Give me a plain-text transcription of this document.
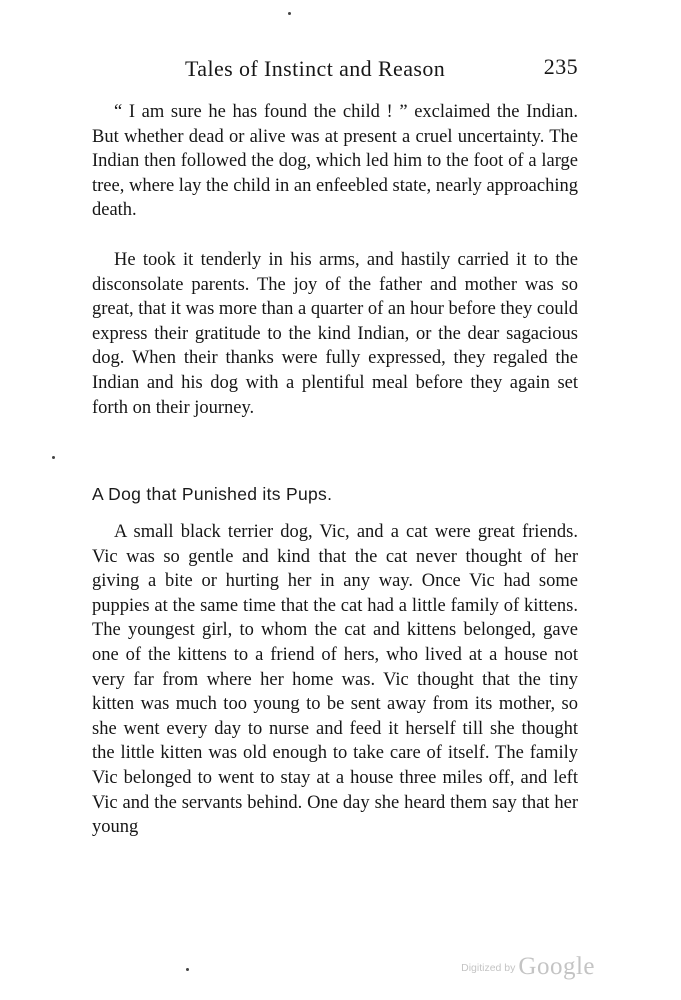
Tales of Instinct and Reason	235

“ I am sure he has found the child ! ” exclaimed the Indian. But whether dead or alive was at present a cruel uncertainty. The Indian then followed the dog, which led him to the foot of a large tree, where lay the child in an enfeebled state, nearly approaching death.

He took it tenderly in his arms, and hastily carried it to the disconsolate parents. The joy of the father and mother was so great, that it was more than a quarter of an hour before they could express their gratitude to the kind Indian, or the dear sagacious dog. When their thanks were fully expressed, they regaled the Indian and his dog with a plentiful meal before they again set forth on their journey.

A Dog that Punished its Pups.

A small black terrier dog, Vic, and a cat were great friends. Vic was so gentle and kind that the cat never thought of her giving a bite or hurting her in any way. Once Vic had some puppies at the same time that the cat had a little family of kittens. The youngest girl, to whom the cat and kittens belonged, gave one of the kittens to a friend of hers, who lived at a house not very far from where her home was. Vic thought that the tiny kitten was much too young to be sent away from its mother, so she went every day to nurse and feed it herself till she thought the little kitten was old enough to take care of itself. The family Vic belonged to went to stay at a house three miles off, and left Vic and the servants behind. One day she heard them say that her young

Digitized by Google
